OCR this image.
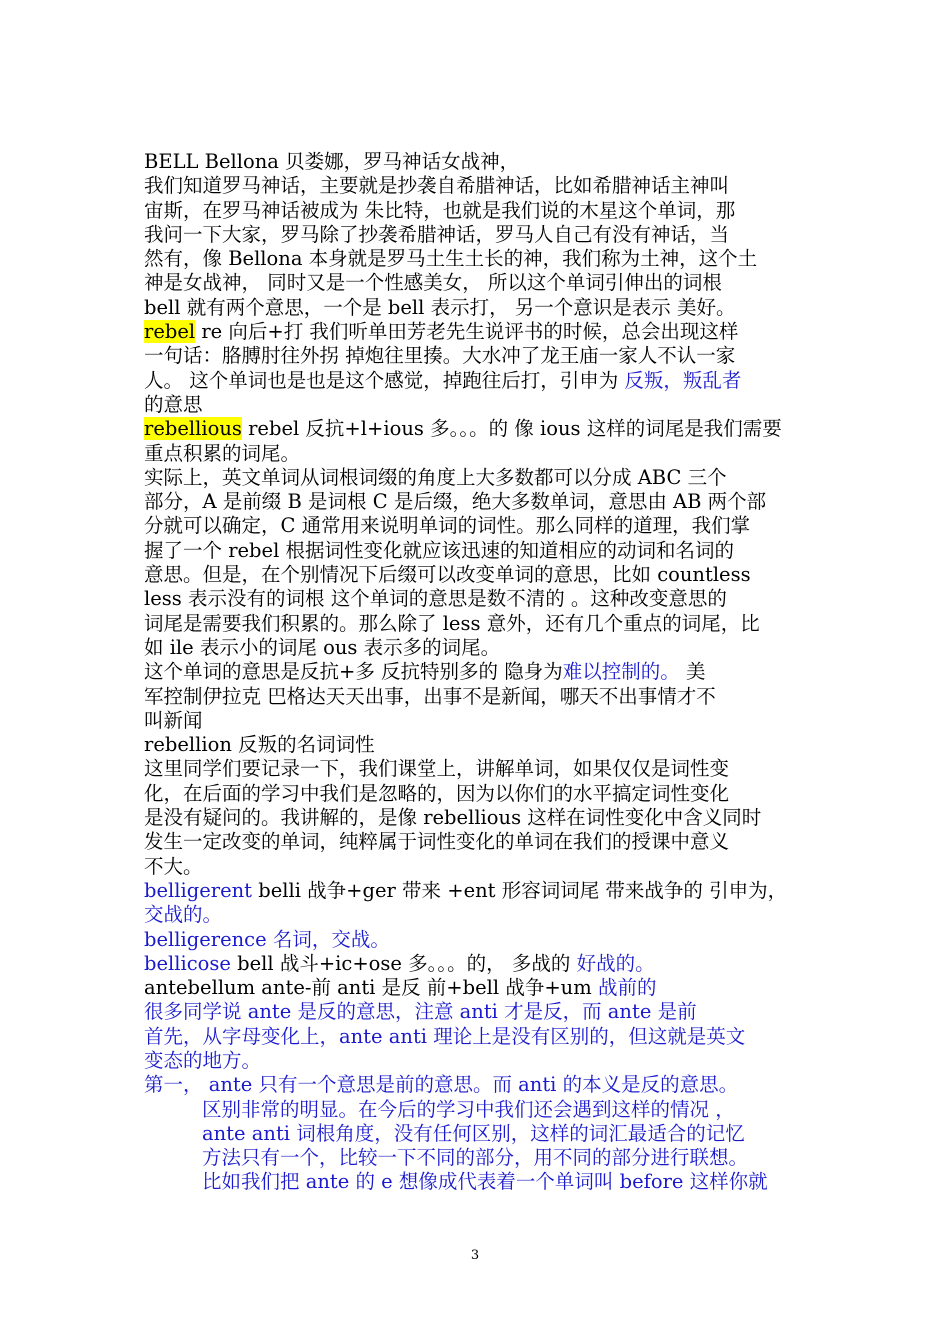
BELL Bellona 贝娄娜，罗马神话女战神，
我们知道罗马神话，主要就是抄袭自希腊神话，比如希腊神话主神叫
宙斯，在罗马神话被成为 朱比特，也就是我们说的木星这个单词，那
我问一下大家，罗马除了抄袭希腊神话，罗马人自己有没有神话，当
然有，像 Bellona 本身就是罗马土生土长的神，我们称为土神，这个土
神是女战神， 同时又是一个性感美女， 所以这个单词引伸出的词根
bell 就有两个意思，一个是 bell 表示打， 另一个意识是表示 美好。
rebel re 向后+打 我们听单田芳老先生说评书的时候，总会出现这样
一句话：胳膊肘往外拐 掉炮往里揍。大水冲了龙王庙一家人不认一家
人。 这个单词也是也是这个感觉，掉跑往后打，引申为 反叛，叛乱者
的意思
rebellious rebel 反抗+l+ious 多。。。的 像 ious 这样的词尾是我们需要
重点积累的词尾。
实际上，英文单词从词根词缀的角度上大多数都可以分成 ABC 三个
部分，A 是前缀 B 是词根 C 是后缀，绝大多数单词，意思由 AB 两个部
分就可以确定，C 通常用来说明单词的词性。那么同样的道理，我们掌
握了一个 rebel 根据词性变化就应该迅速的知道相应的动词和名词的
意思。但是，在个别情况下后缀可以改变单词的意思，比如 countless
less 表示没有的词根 这个单词的意思是数不清的 。这种改变意思的
词尾是需要我们积累的。那么除了 less 意外，还有几个重点的词尾，比
如 ile 表示小的词尾 ous 表示多的词尾。
这个单词的意思是反抗+多 反抗特别多的 隐身为难以控制的。 美
军控制伊拉克 巴格达天天出事，出事不是新闻，哪天不出事情才不
叫新闻
rebellion 反叛的名词词性
这里同学们要记录一下，我们课堂上，讲解单词，如果仅仅是词性变
化，在后面的学习中我们是忽略的，因为以你们的水平搞定词性变化
是没有疑问的。我讲解的，是像 rebellious 这样在词性变化中含义同时
发生一定改变的单词，纯粹属于词性变化的单词在我们的授课中意义
不大。
belligerent belli 战争+ger 带来 +ent 形容词词尾 带来战争的 引申为，
交战的。
belligerence 名词，交战。
bellicose bell 战斗+ic+ose 多。。。的， 多战的 好战的。
antebellum ante-前 anti 是反 前+bell 战争+um 战前的
很多同学说 ante 是反的意思，注意 anti 才是反，而 ante 是前
首先，从字母变化上，ante anti 理论上是没有区别的，但这就是英文
变态的地方。
第一， ante 只有一个意思是前的意思。而 anti 的本义是反的意思。
区别非常的明显。在今后的学习中我们还会遇到这样的情况 ，
ante anti 词根角度，没有任何区别，这样的词汇最适合的记忆
方法只有一个，比较一下不同的部分，用不同的部分进行联想。
比如我们把 ante 的 e 想像成代表着一个单词叫 before 这样你就
3
